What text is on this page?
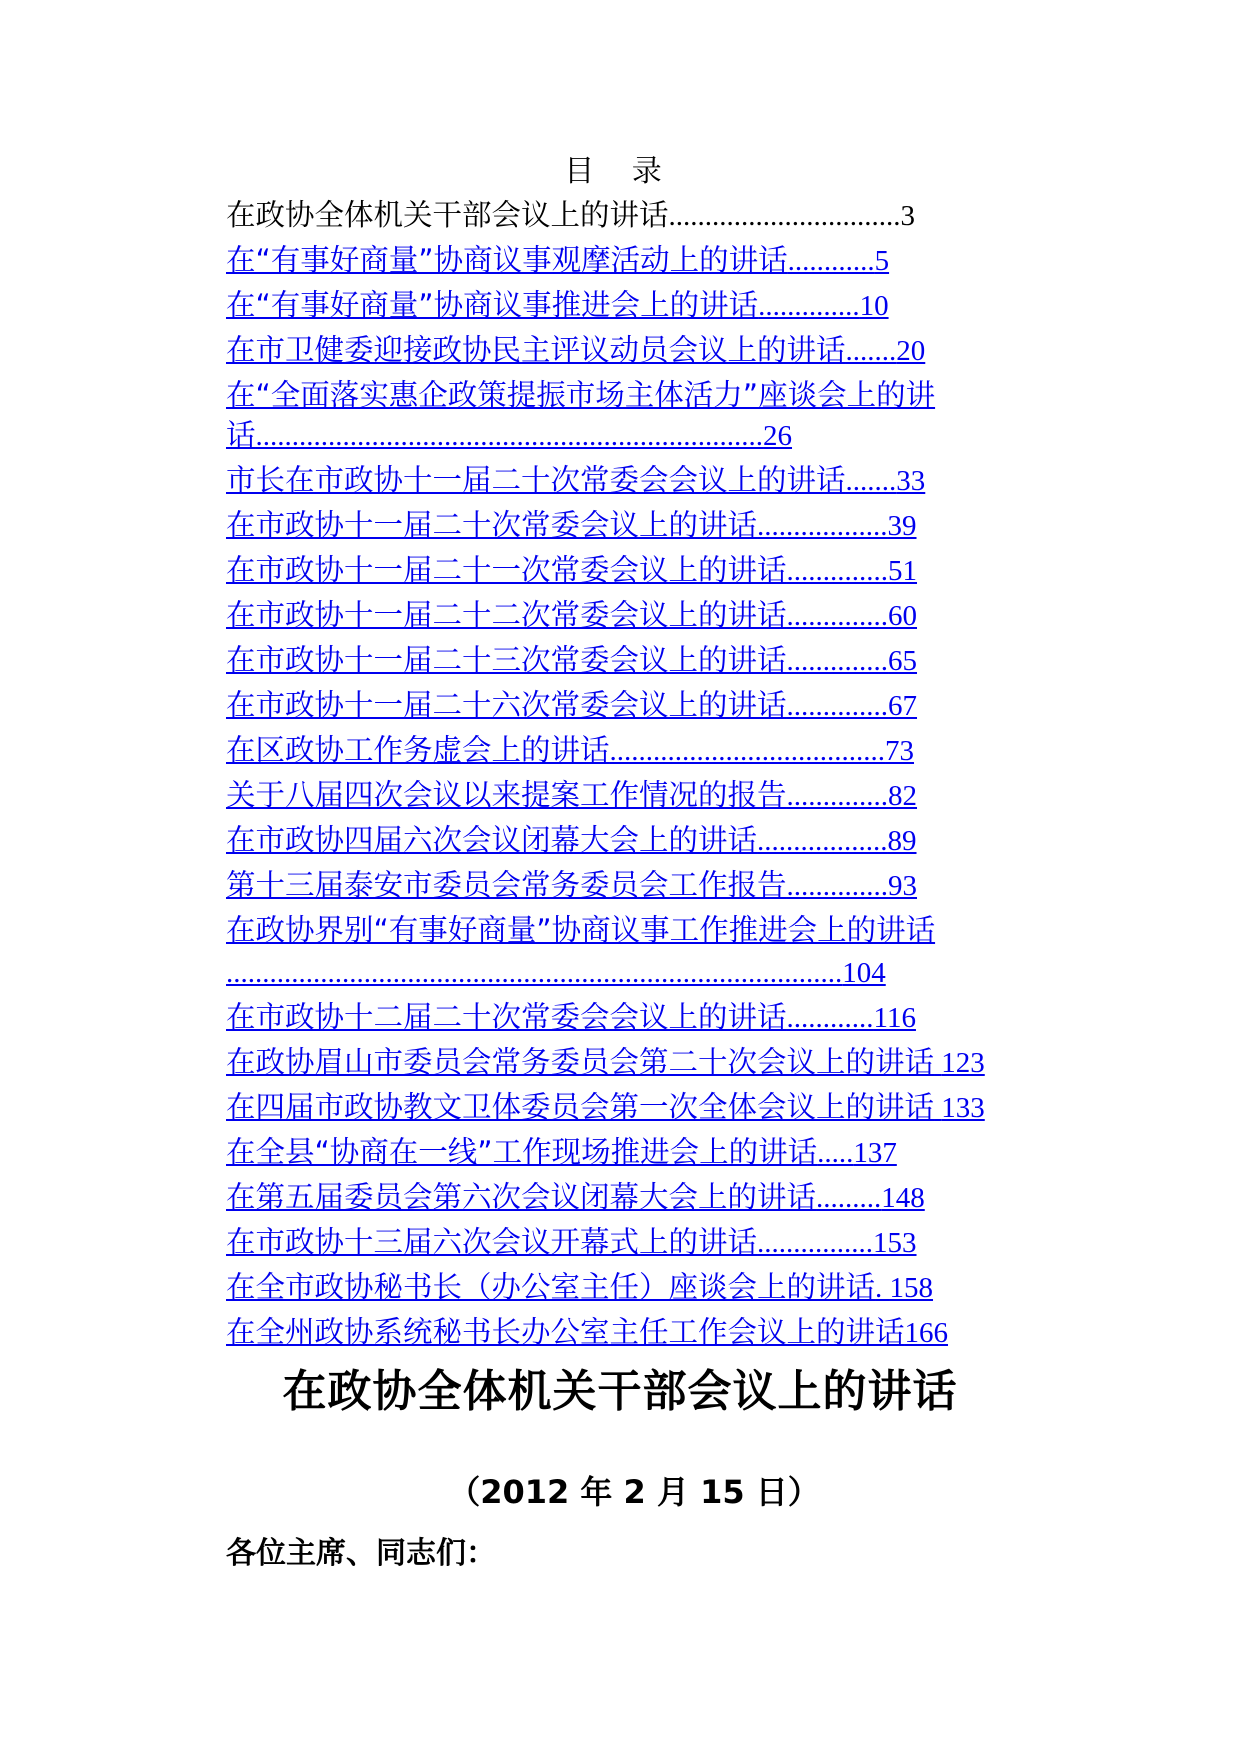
目 录
在政协全体机关干部会议上的讲话................................3
在“有事好商量”协商议事观摩活动上的讲话............5
在“有事好商量”协商议事推进会上的讲话..............10
在市卫健委迎接政协民主评议动员会议上的讲话.......20
在“全面落实惠企政策提振市场主体活力”座谈会上的讲
话......................................................................26
市长在市政协十一届二十次常委会会议上的讲话.......33
在市政协十一届二十次常委会议上的讲话..................39
在市政协十一届二十一次常委会议上的讲话..............51
在市政协十一届二十二次常委会议上的讲话..............60
在市政协十一届二十三次常委会议上的讲话..............65
在市政协十一届二十六次常委会议上的讲话..............67
在区政协工作务虚会上的讲话......................................73
关于八届四次会议以来提案工作情况的报告..............82
在市政协四届六次会议闭幕大会上的讲话..................89
第十三届泰安市委员会常务委员会工作报告..............93
在政协界别“有事好商量”协商议事工作推进会上的讲话
.....................................................................................104
在市政协十二届二十次常委会会议上的讲话............116
在政协眉山市委员会常务委员会第二十次会议上的讲话 123
在四届市政协教文卫体委员会第一次全体会议上的讲话 133
在全县“协商在一线”工作现场推进会上的讲话.....137
在第五届委员会第六次会议闭幕大会上的讲话.........148
在市政协十三届六次会议开幕式上的讲话................153
在全市政协秘书长（办公室主任）座谈会上的讲话. 158
在全州政协系统秘书长办公室主任工作会议上的讲话166
在政协全体机关干部会议上的讲话
（2012 年 2 月 15 日）
各位主席、同志们：
